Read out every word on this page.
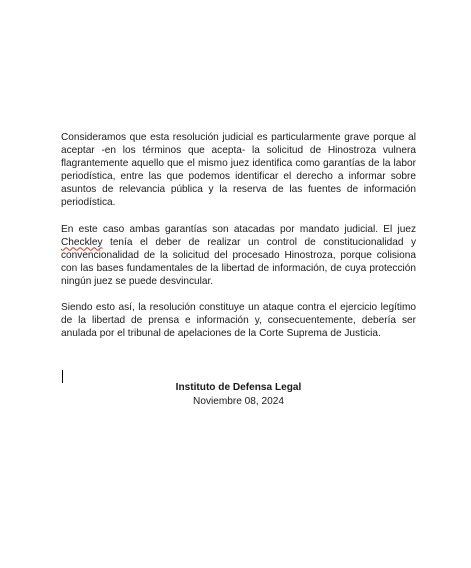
Consideramos que esta resolución judicial es particularmente grave porque al aceptar -en los términos que acepta- la solicitud de Hinostroza vulnera flagrantemente aquello que el mismo juez identifica como garantías de la labor periodística, entre las que podemos identificar el derecho a informar sobre asuntos de relevancia pública y la reserva de las fuentes de información periodística.

En este caso ambas garantías son atacadas por mandato judicial. El juez Checkley tenía el deber de realizar un control de constitucionalidad y convencionalidad de la solicitud del procesado Hinostroza, porque colisiona con las bases fundamentales de la libertad de información, de cuya protección ningún juez se puede desvincular.

Siendo esto así, la resolución constituye un ataque contra el ejercicio legítimo de la libertad de prensa e información y, consecuentemente, debería ser anulada por el tribunal de apelaciones de la Corte Suprema de Justicia.

Instituto de Defensa Legal
Noviembre 08, 2024
